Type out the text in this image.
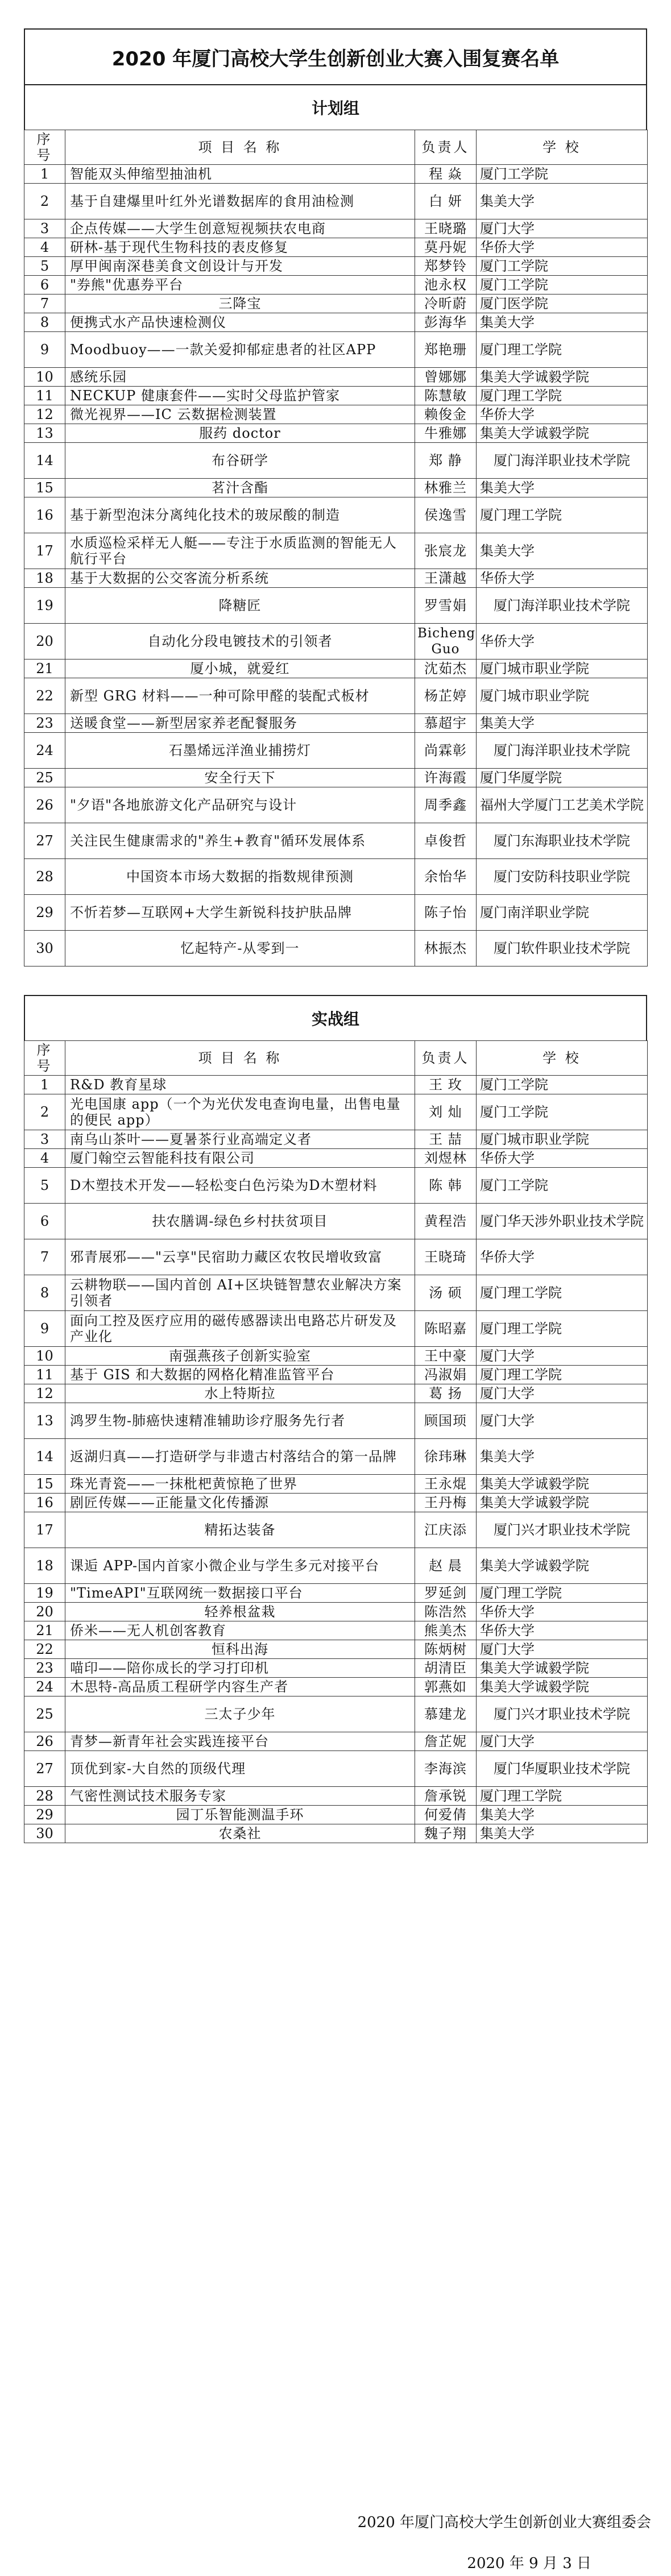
2020 年厦门高校大学生创新创业大赛入围复赛名单
计划组
序号	项 目 名 称	负责人	学 校
1	智能双头伸缩型抽油机	程 焱	厦门工学院
2	基于自建爆里叶红外光谱数据库的食用油检测	白 妍	集美大学
3	企点传媒——大学生创意短视频扶农电商	王晓璐	厦门大学
4	研林-基于现代生物科技的表皮修复	莫丹妮	华侨大学
5	厚甲闽南深巷美食文创设计与开发	郑梦铃	厦门工学院
6	"券熊"优惠券平台	池永权	厦门工学院
7	三降宝	冷昕蔚	厦门医学院
8	便携式水产品快速检测仪	彭海华	集美大学
9	Moodbuoy——一款关爱抑郁症患者的社区APP	郑艳珊	厦门理工学院
10	感统乐园	曾娜娜	集美大学诚毅学院
11	NECKUP 健康套件——实时父母监护管家	陈慧敏	厦门理工学院
12	微光视界——IC 云数据检测装置	赖俊金	华侨大学
13	服药 doctor	牛雅娜	集美大学诚毅学院
14	布谷研学	郑 静	厦门海洋职业技术学院
15	茗汁含酯	林雅兰	集美大学
16	基于新型泡沫分离纯化技术的玻尿酸的制造	侯逸雪	厦门理工学院
17	水质巡检采样无人艇——专注于水质监测的智能无人航行平台	张宸龙	集美大学
18	基于大数据的公交客流分析系统	王潇越	华侨大学
19	降糖匠	罗雪娟	厦门海洋职业技术学院
20	自动化分段电镀技术的引领者	Bicheng Guo	华侨大学
21	厦小城，就爱红	沈茹杰	厦门城市职业学院
22	新型 GRG 材料——一种可除甲醛的装配式板材	杨芷婷	厦门城市职业学院
23	送暖食堂——新型居家养老配餐服务	慕超宇	集美大学
24	石墨烯远洋渔业捕捞灯	尚霖彰	厦门海洋职业技术学院
25	安全行天下	许海霞	厦门华厦学院
26	"夕语"各地旅游文化产品研究与设计	周季鑫	福州大学厦门工艺美术学院
27	关注民生健康需求的"养生+教育"循环发展体系	卓俊哲	厦门东海职业技术学院
28	中国资本市场大数据的指数规律预测	余怡华	厦门安防科技职业学院
29	不忻若梦—互联网+大学生新锐科技护肤品牌	陈子怡	厦门南洋职业学院
30	忆起特产-从零到一	林振杰	厦门软件职业技术学院
实战组
序号	项 目 名 称	负责人	学 校
1	R&D 教育星球	王 玫	厦门工学院
2	光电国康 app（一个为光伏发电查询电量，出售电量的便民 app）	刘 灿	厦门工学院
3	南乌山茶叶——夏暑茶行业高端定义者	王 喆	厦门城市职业学院
4	厦门翰空云智能科技有限公司	刘煜林	华侨大学
5	D木塑技术开发——轻松变白色污染为D木塑材料	陈 韩	厦门工学院
6	扶农膳调-绿色乡村扶贫项目	黄程浩	厦门华天涉外职业技术学院
7	邪青展邪——"云享"民宿助力藏区农牧民增收致富	王晓琦	华侨大学
8	云耕物联——国内首创 AI+区块链智慧农业解决方案引领者	汤 硕	厦门理工学院
9	面向工控及医疗应用的磁传感器读出电路芯片研发及产业化	陈昭嘉	厦门理工学院
10	南强燕孩子创新实验室	王中豪	厦门大学
11	基于 GIS 和大数据的网格化精准监管平台	冯淑娟	厦门理工学院
12	水上特斯拉	葛 扬	厦门大学
13	鸿罗生物-肺癌快速精准辅助诊疗服务先行者	顾国顼	厦门大学
14	返湖归真——打造研学与非遗古村落结合的第一品牌	徐玮琳	集美大学
15	珠光青瓷——一抹枇杷黄惊艳了世界	王永焜	集美大学诚毅学院
16	剧匠传媒——正能量文化传播源	王丹梅	集美大学诚毅学院
17	精拓达装备	江庆添	厦门兴才职业技术学院
18	课逅 APP-国内首家小微企业与学生多元对接平台	赵 晨	集美大学诚毅学院
19	"TimeAPI"互联网统一数据接口平台	罗延剑	厦门理工学院
20	轻养根盆栽	陈浩然	华侨大学
21	侨米——无人机创客教育	熊美杰	华侨大学
22	恒科出海	陈炳树	厦门大学
23	喵印——陪你成长的学习打印机	胡清臣	集美大学诚毅学院
24	木思特-高品质工程研学内容生产者	郭燕如	集美大学诚毅学院
25	三太子少年	慕建龙	厦门兴才职业技术学院
26	青梦—新青年社会实践连接平台	詹芷妮	厦门大学
27	顶优到家-大自然的顶级代理	李海滨	厦门华厦职业技术学院
28	气密性测试技术服务专家	詹承锐	厦门理工学院
29	园丁乐智能测温手环	何爱倩	集美大学
30	农桑社	魏子翔	集美大学
2020 年厦门高校大学生创新创业大赛组委会
2020 年 9 月 3 日
